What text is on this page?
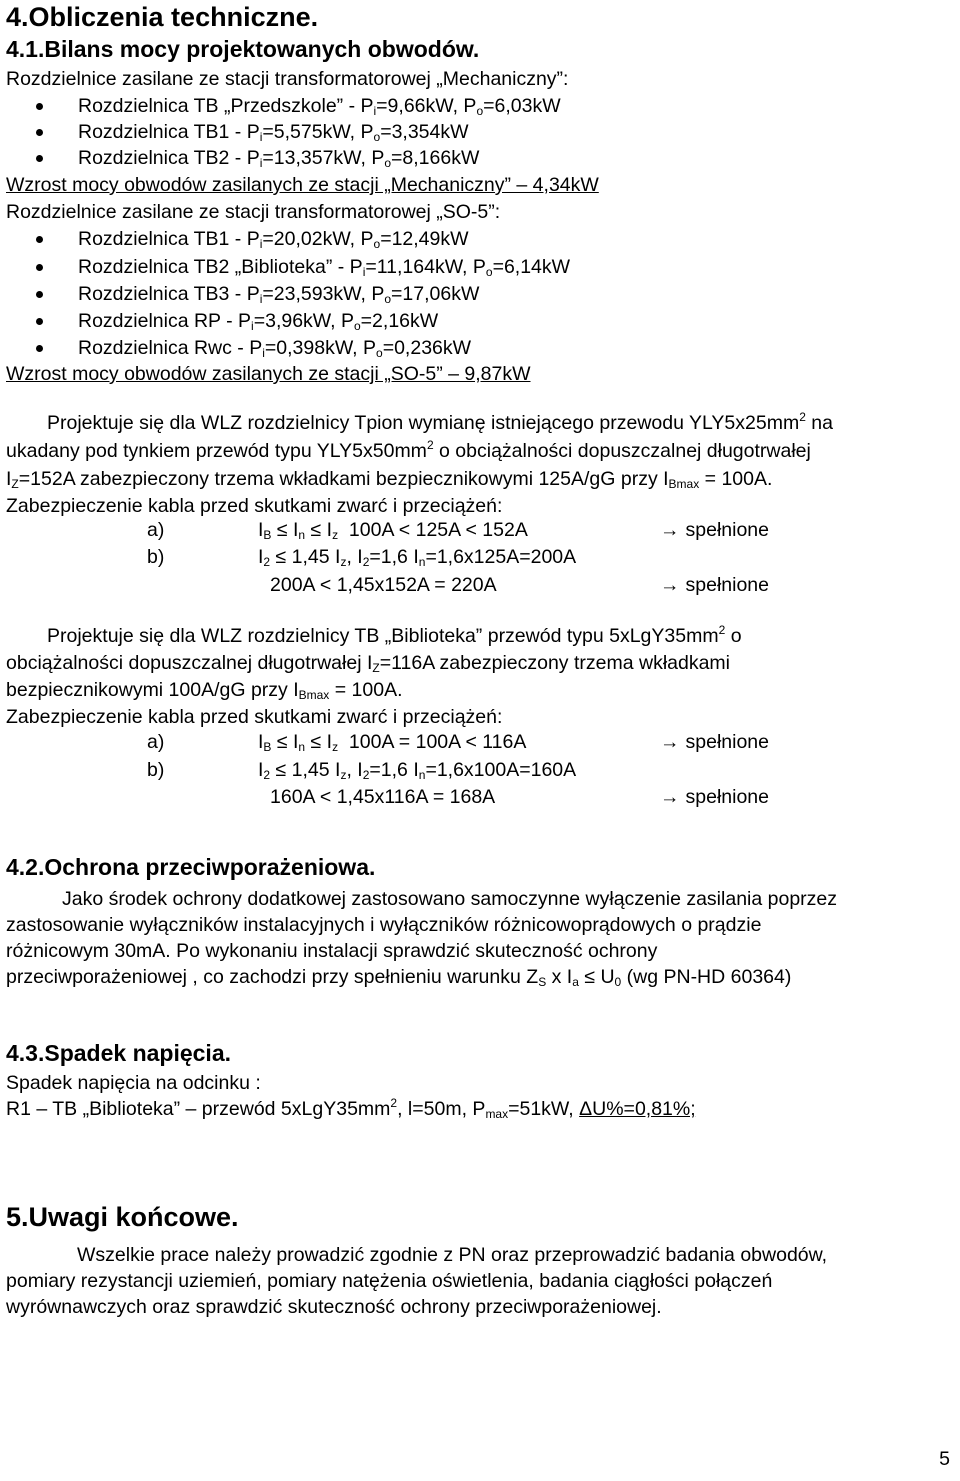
4.Obliczenia techniczne.
4.1.Bilans mocy projektowanych obwodów.
Rozdzielnice zasilane ze stacji transformatorowej „Mechaniczny”:
Rozdzielnica TB „Przedszkole” - $P_i=9,66kW$, $P_o=6,03kW$
Rozdzielnica $TB1 - P_i=5,575kW$, $P_o=3,354kW$
Rozdzielnica $TB2 - P_i=13,357kW$, $P_o=8,166kW$
Wzrost mocy obwodów zasilanych ze stacji „Mechaniczny” – 4,34kW
Rozdzielnice zasilane ze stacji transformatorowej „SO-5”:
Rozdzielnica $TB1 - P_i=20,02kW$, $P_o=12,49kW$
Rozdzielnica TB2 „Biblioteka” - $P_i=11,164kW$, $P_o=6,14kW$
Rozdzielnica $TB3 - P_i=23,593kW$, $P_o=17,06kW$
Rozdzielnica RP - $P_i=3,96kW$, $P_o=2,16kW$
Rozdzielnica Rwc - $P_i=0,398kW$, $P_o=0,236kW$
Wzrost mocy obwodów zasilanych ze stacji „SO-5” – 9,87kW
Projektuje się dla WLZ rozdzielnicy Tpion wymianę istniejącego przewodu $YLY5x25mm^2$ na
ukadany pod tynkiem przewód typu $YLY5x50mm^2$ o obciążalności dopuszczalnej długotrwałej
$I_Z=152A$ zabezpieczony trzema wkładkami bezpiecznikowymi 125A/gG przy $I_{Bmax} = 100A$.
Zabezpieczenie kabla przed skutkami zwarć i przeciążeń:
a)	$I_B \le I_n \le I_z$ 100A < 125A < 152A	→ spełnione
b)	$I_2 \le 1,45$ $I_z$, $I_2=1,6$ $I_n=1,6x125A=200A$
200A < 1,45x152A = 220A	→ spełnione
Projektuje się dla WLZ rozdzielnicy TB „Biblioteka” przewód typu $5xLgY35mm^2$ o
obciążalności dopuszczalnej długotrwałej $I_Z=116A$ zabezpieczony trzema wkładkami
bezpiecznikowymi 100A/gG przy $I_{Bmax} = 100A$.
Zabezpieczenie kabla przed skutkami zwarć i przeciążeń:
a)	$I_B \le I_n \le I_z$ 100A = 100A < 116A	→ spełnione
b)	$I_2 \le 1,45$ $I_z$, $I_2=1,6$ $I_n=1,6x100A=160A$
160A < 1,45x116A = 168A	→ spełnione
4.2.Ochrona przeciwporażeniowa.
Jako środek ochrony dodatkowej zastosowano samoczynne wyłączenie zasilania poprzez
zastosowanie wyłączników instalacyjnych i wyłączników różnicowoprądowych o prądzie
różnicowym 30mA. Po wykonaniu instalacji sprawdzić skuteczność ochrony
przeciwporażeniowej , co zachodzi przy spełnieniu warunku $Z_S$ x $I_a \le U_0$ (wg PN-HD 60364)
4.3.Spadek napięcia.
Spadek napięcia na odcinku :
R1 – TB „Biblioteka” – przewód $5xLgY35mm^2$, l=50m, $P_{max}=51kW$, ΔU%=0,81%;
5.Uwagi końcowe.
Wszelkie prace należy prowadzić zgodnie z PN oraz przeprowadzić badania obwodów,
pomiary rezystancji uziemień, pomiary natężenia oświetlenia, badania ciągłości połączeń
wyrównawczych oraz sprawdzić skuteczność ochrony przeciwporażeniowej.
5
